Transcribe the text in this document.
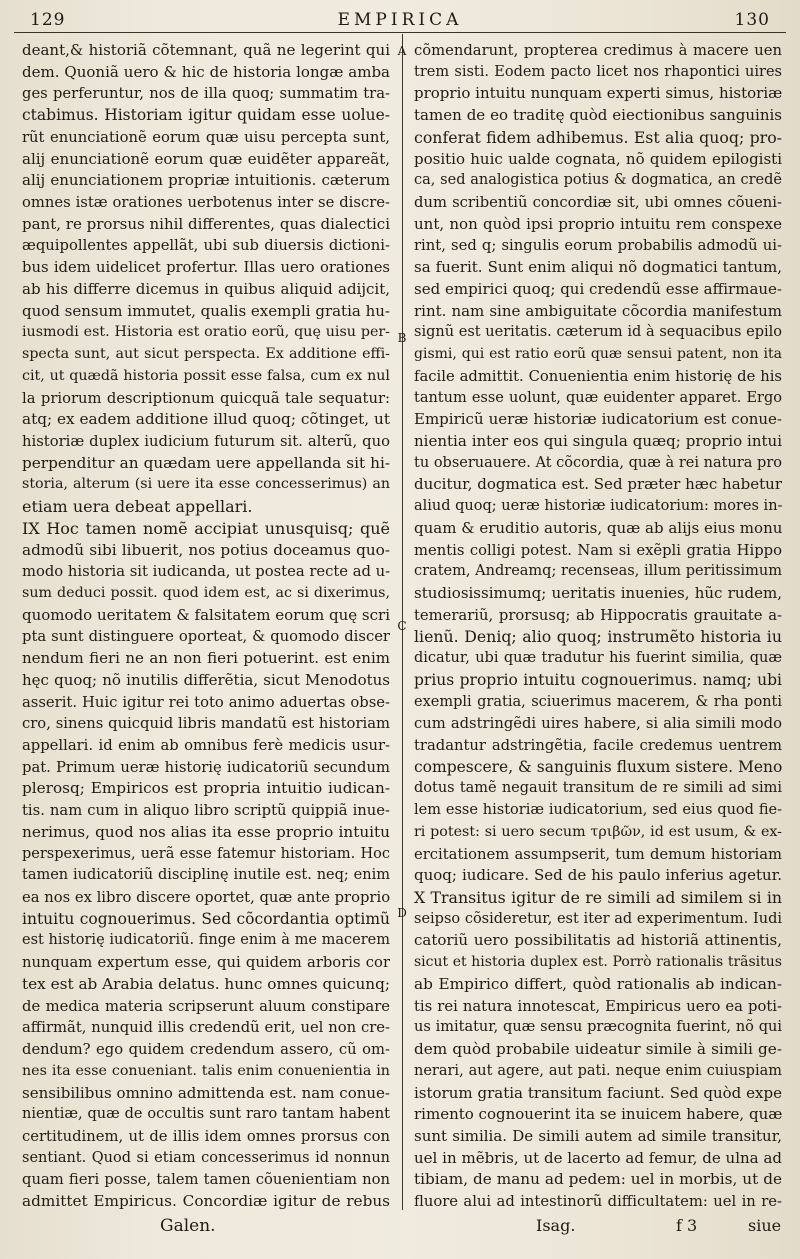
129	EMPIRICA	130
deant,& historiã cõtemnant, quã ne legerint qui
dem. Quoniã uero & hic de historia longæ amba
ges perferuntur, nos de illa quoq; summatim tra-
ctabimus. Historiam igitur quidam esse uolue-
rũt enunciationẽ eorum quæ uisu percepta sunt,
alij enunciationẽ eorum quæ euidẽter appareãt,
alij enunciationem propriæ intuitionis. cæterum
omnes istæ orationes uerbotenus inter se discre-
pant, re prorsus nihil differentes, quas dialectici
æquipollentes appellãt, ubi sub diuersis dictioni-
bus idem uidelicet profertur. Illas uero orationes
ab his differre dicemus in quibus aliquid adijcit,
quod sensum immutet, qualis exempli gratia hu-
iusmodi est. Historia est oratio eorũ, quę uisu per-
specta sunt, aut sicut perspecta. Ex additione effi-
cit, ut quædã historia possit esse falsa, cum ex nul
la priorum descriptionum quicquã tale sequatur:
atq; ex eadem additione illud quoq; cõtinget, ut
historiæ duplex iudicium futurum sit. alterũ, quo
perpenditur an quædam uere appellanda sit hi-
storia, alterum (si uere ita esse concesserimus) an
etiam uera debeat appellari.
IX Hoc tamen nomẽ accipiat unusquisq; quẽ
admodũ sibi libuerit, nos potius doceamus quo-
modo historia sit iudicanda, ut postea recte ad u-
sum deduci possit. quod idem est, ac si dixerimus,
quomodo ueritatem & falsitatem eorum quę scri
pta sunt distinguere oporteat, & quomodo discer
nendum fieri ne an non fieri potuerint. est enim
hęc quoq; nõ inutilis differẽtia, sicut Menodotus
asserit. Huic igitur rei toto animo aduertas obse-
cro, sinens quicquid libris mandatũ est historiam
appellari. id enim ab omnibus ferè medicis usur-
pat. Primum ueræ historię iudicatoriũ secundum
plerosq; Empiricos est propria intuitio iudican-
tis. nam cum in aliquo libro scriptũ quippiã inue-
nerimus, quod nos alias ita esse proprio intuitu
perspexerimus, uerã esse fatemur historiam. Hoc
tamen iudicatoriũ disciplinę inutile est. neq; enim
ea nos ex libro discere oportet, quæ ante proprio
intuitu cognouerimus. Sed cõcordantia optimũ
est historię iudicatoriũ. finge enim à me macerem
nunquam expertum esse, qui quidem arboris cor
tex est ab Arabia delatus. hunc omnes quicunq;
de medica materia scripserunt aluum constipare
affirmãt, nunquid illis credendũ erit, uel non cre-
dendum? ego quidem credendum assero, cũ om-
nes ita esse conueniant. talis enim conuenientia in
sensibilibus omnino admittenda est. nam conue-
nientiæ, quæ de occultis sunt raro tantam habent
certitudinem, ut de illis idem omnes prorsus con
sentiant. Quod si etiam concesserimus id nonnun
quam fieri posse, talem tamen cõuenientiam non
admittet Empiricus. Concordiæ igitur de rebus
A
B
C
D
cõmendarunt, propterea credimus à macere uen
trem sisti. Eodem pacto licet nos rhapontici uires
proprio intuitu nunquam experti simus, historiæ
tamen de eo traditę quòd eiectionibus sanguinis
conferat fidem adhibemus. Est alia quoq; pro-
positio huic ualde cognata, nõ quidem epilogisti
ca, sed analogistica potius & dogmatica, an credẽ
dum scribentiũ concordiæ sit, ubi omnes cõueni-
unt, non quòd ipsi proprio intuitu rem conspexe
rint, sed q; singulis eorum probabilis admodũ ui-
sa fuerit. Sunt enim aliqui nõ dogmatici tantum,
sed empirici quoq; qui credendũ esse affirmaue-
rint. nam sine ambiguitate cõcordia manifestum
signũ est ueritatis. cæterum id à sequacibus epilo
gismi, qui est ratio eorũ quæ sensui patent, non ita
facile admittit. Conuenientia enim historię de his
tantum esse uolunt, quæ euidenter apparet. Ergo
Empiricũ ueræ historiæ iudicatorium est conue-
nientia inter eos qui singula quæq; proprio intui
tu obseruauere. At cõcordia, quæ à rei natura pro
ducitur, dogmatica est. Sed præter hæc habetur
aliud quoq; ueræ historiæ iudicatorium: mores in-
quam & eruditio autoris, quæ ab alijs eius monu
mentis colligi potest. Nam si exẽpli gratia Hippo
cratem, Andreamq; recenseas, illum peritissimum
studiosissimumq; ueritatis inuenies, hũc rudem,
temerariũ, prorsusq; ab Hippocratis grauitate a-
lienũ. Deniq; alio quoq; instrumẽto historia iu
dicatur, ubi quæ tradutur his fuerint similia, quæ
prius proprio intuitu cognouerimus. namq; ubi
exempli gratia, sciuerimus macerem, & rha ponti
cum adstringẽdi uires habere, si alia simili modo
tradantur adstringẽtia, facile credemus uentrem
compescere, & sanguinis fluxum sistere. Meno
dotus tamẽ negauit transitum de re simili ad simi
lem esse historiæ iudicatorium, sed eius quod fie-
ri potest: si uero secum τριβῶν, id est usum, & ex-
ercitationem assumpserit, tum demum historiam
quoq; iudicare. Sed de his paulo inferius agetur.
X Transitus igitur de re simili ad similem si in
seipso cõsideretur, est iter ad experimentum. Iudi
catoriũ uero possibilitatis ad historiã attinentis,
sicut et historia duplex est. Porrò rationalis trãsitus
ab Empirico differt, quòd rationalis ab indican-
tis rei natura innotescat, Empiricus uero ea poti-
us imitatur, quæ sensu præcognita fuerint, nõ qui
dem quòd probabile uideatur simile à simili ge-
nerari, aut agere, aut pati. neque enim cuiuspiam
istorum gratia transitum faciunt. Sed quòd expe
rimento cognouerint ita se inuicem habere, quæ
sunt similia. De simili autem ad simile transitur,
uel in mẽbris, ut de lacerto ad femur, de ulna ad
tibiam, de manu ad pedem: uel in morbis, ut de
fluore alui ad intestinorũ difficultatem: uel in re-
Galen.	Isag.	f 3	siue
